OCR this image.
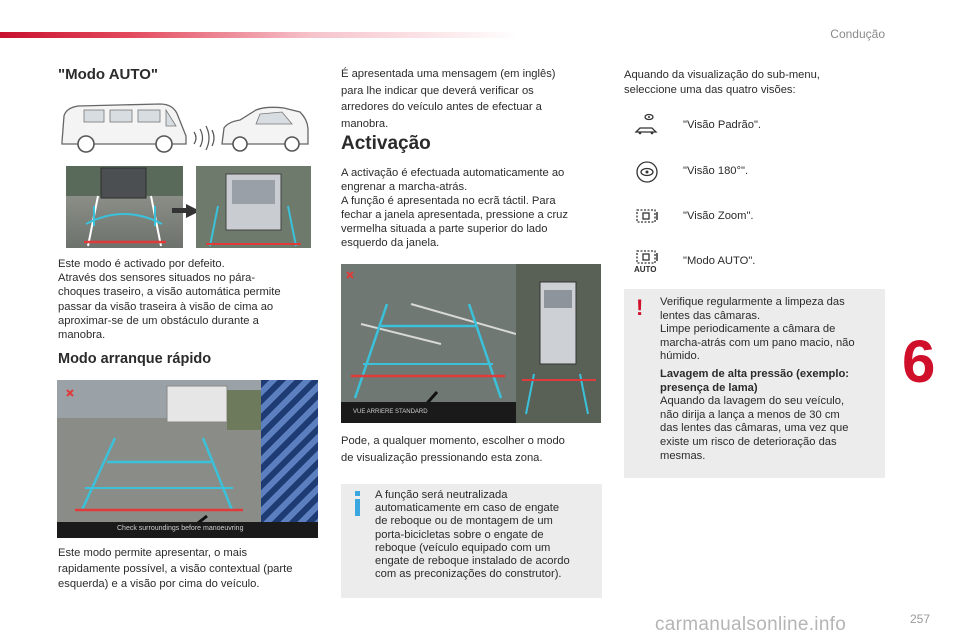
Condução
"Modo AUTO"
Este modo é activado por defeito.
Através dos sensores situados no pára-
choques traseiro, a visão automática permite
passar da visão traseira à visão de cima ao
aproximar-se de um obstáculo durante a
manobra.
Modo arranque rápido
Check surroundings before manoeuvring
Este modo permite apresentar, o mais
rapidamente possível, a visão contextual (parte
esquerda) e a visão por cima do veículo.
É apresentada uma mensagem (em inglês)
para lhe indicar que deverá verificar os
arredores do veículo antes de efectuar a
manobra.
Activação
A activação é efectuada automaticamente ao
engrenar a marcha-atrás.
A função é apresentada no ecrã táctil. Para
fechar a janela apresentada, pressione a cruz
vermelha situada a parte superior do lado
esquerdo da janela.
VUE ARRIERE STANDARD
Pode, a qualquer momento, escolher o modo
de visualização pressionando esta zona.
A função será neutralizada
automaticamente em caso de engate
de reboque ou de montagem de um
porta-bicicletas sobre o engate de
reboque (veículo equipado com um
engate de reboque instalado de acordo
com as preconizações do construtor).
Aquando da visualização do sub-menu,
seleccione uma das quatro visões:
"Visão Padrão".
"Visão 180°".
"Visão Zoom".
AUTO
"Modo AUTO".
! Verifique regularmente a limpeza das
lentes das câmaras.
Limpe periodicamente a câmara de
marcha-atrás com um pano macio, não
húmido.
Lavagem de alta pressão (exemplo:
presença de lama)
Aquando da lavagem do seu veículo,
não dirija a lança a menos de 30 cm
das lentes das câmaras, uma vez que
existe um risco de deterioração das
mesmas.
6
carmanualsonline.info	257
